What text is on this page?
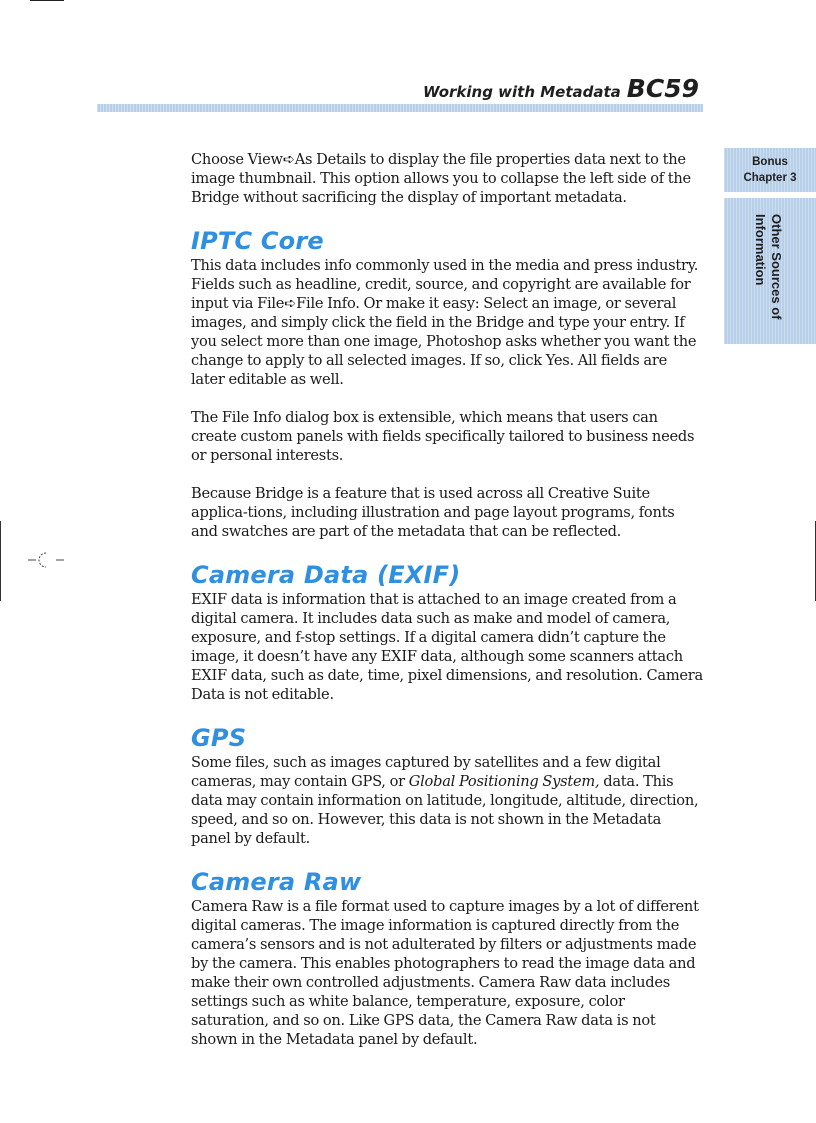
Working with Metadata BC59
Bonus
Chapter 3
Other Sources of
Information

Choose View➪As Details to display the file properties data next to the image thumbnail. This option allows you to collapse the left side of the Bridge without sacrificing the display of important metadata.

IPTC Core

This data includes info commonly used in the media and press industry. Fields such as headline, credit, source, and copyright are available for input via File➪File Info. Or make it easy: Select an image, or several images, and simply click the field in the Bridge and type your entry. If you select more than one image, Photoshop asks whether you want the change to apply to all selected images. If so, click Yes. All fields are later editable as well.

The File Info dialog box is extensible, which means that users can create custom panels with fields specifically tailored to business needs or personal interests.

Because Bridge is a feature that is used across all Creative Suite applica-tions, including illustration and page layout programs, fonts and swatches are part of the metadata that can be reflected.

Camera Data (EXIF)

EXIF data is information that is attached to an image created from a digital camera. It includes data such as make and model of camera, exposure, and f-stop settings. If a digital camera didn’t capture the image, it doesn’t have any EXIF data, although some scanners attach EXIF data, such as date, time, pixel dimensions, and resolution. Camera Data is not editable.

GPS

Some files, such as images captured by satellites and a few digital cameras, may contain GPS, or Global Positioning System, data. This data may contain information on latitude, longitude, altitude, direction, speed, and so on. However, this data is not shown in the Metadata panel by default.

Camera Raw

Camera Raw is a file format used to capture images by a lot of different digital cameras. The image information is captured directly from the camera’s sensors and is not adulterated by filters or adjustments made by the camera. This enables photographers to read the image data and make their own controlled adjustments. Camera Raw data includes settings such as white balance, temperature, exposure, color saturation, and so on. Like GPS data, the Camera Raw data is not shown in the Metadata panel by default.
